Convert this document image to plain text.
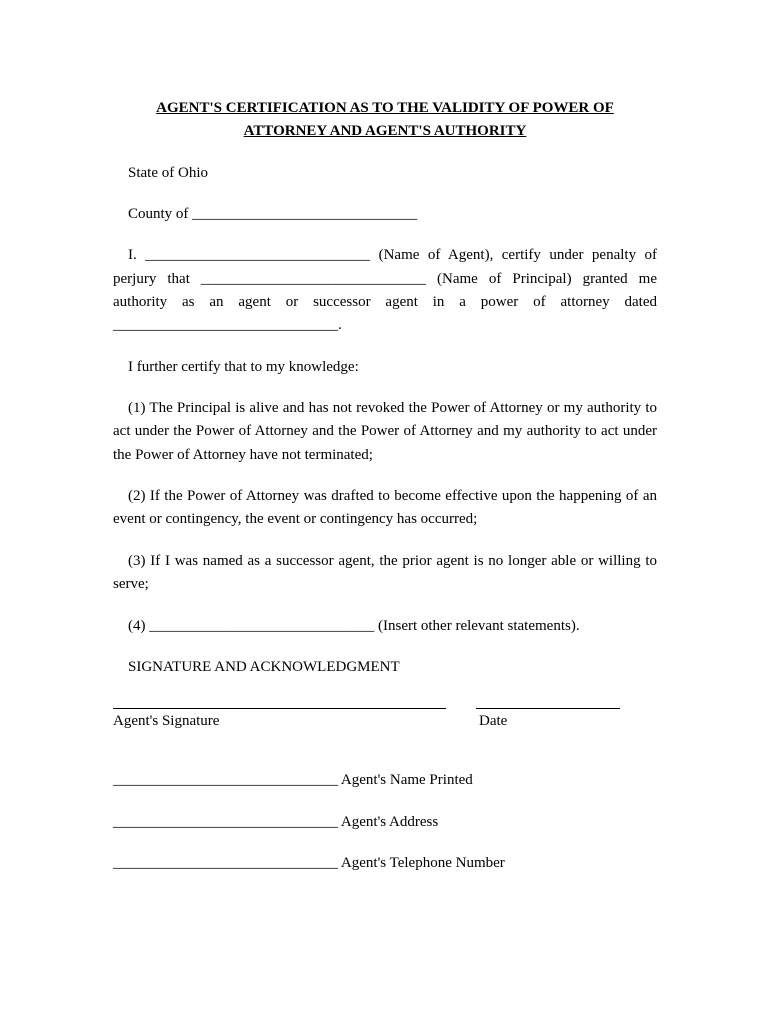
AGENT'S CERTIFICATION AS TO THE VALIDITY OF POWER OF
ATTORNEY AND AGENT'S AUTHORITY
State of Ohio
County of ______________________________
I. ______________________________ (Name of Agent), certify under penalty of
perjury that ______________________________ (Name of Principal) granted me
authority as an agent or successor agent in a power of attorney dated
______________________________.
I further certify that to my knowledge:
(1) The Principal is alive and has not revoked the Power of Attorney or my authority to
act under the Power of Attorney and the Power of Attorney and my authority to act under
the Power of Attorney have not terminated;
(2) If the Power of Attorney was drafted to become effective upon the happening of an
event or contingency, the event or contingency has occurred;
(3) If I was named as a successor agent, the prior agent is no longer able or willing to
serve;
(4) ______________________________ (Insert other relevant statements).
SIGNATURE AND ACKNOWLEDGMENT
Agent's Signature	Date
______________________________ Agent's Name Printed
______________________________ Agent's Address
______________________________ Agent's Telephone Number
